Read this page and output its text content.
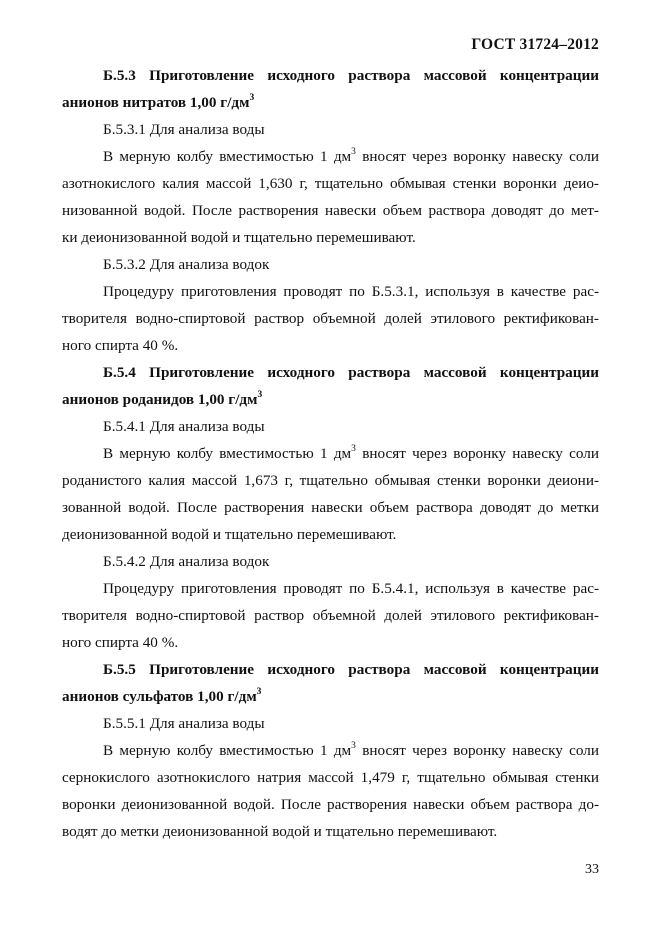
ГОСТ 31724–2012
Б.5.3 Приготовление исходного раствора массовой концентрации
анионов нитратов 1,00 $г/дм^3$
Б.5.3.1 Для анализа воды
В мерную колбу вместимостью 1 $дм^3$ вносят через воронку навеску соли
азотнокислого калия массой 1,630 г, тщательно обмывая стенки воронки деио-
низованной водой. После растворения навески объем раствора доводят до мет-
ки деионизованной водой и тщательно перемешивают.
Б.5.3.2 Для анализа водок
Процедуру приготовления проводят по Б.5.3.1, используя в качестве рас-
творителя водно-спиртовой раствор объемной долей этилового ректификован-
ного спирта 40 %.
Б.5.4 Приготовление исходного раствора массовой концентрации
анионов роданидов 1,00 $г/дм^3$
Б.5.4.1 Для анализа воды
В мерную колбу вместимостью 1 $дм^3$ вносят через воронку навеску соли
роданистого калия массой 1,673 г, тщательно обмывая стенки воронки деиони-
зованной водой. После растворения навески объем раствора доводят до метки
деионизованной водой и тщательно перемешивают.
Б.5.4.2 Для анализа водок
Процедуру приготовления проводят по Б.5.4.1, используя в качестве рас-
творителя водно-спиртовой раствор объемной долей этилового ректификован-
ного спирта 40 %.
Б.5.5 Приготовление исходного раствора массовой концентрации
анионов сульфатов 1,00 $г/дм^3$
Б.5.5.1 Для анализа воды
В мерную колбу вместимостью 1 $дм^3$ вносят через воронку навеску соли
сернокислого азотнокислого натрия массой 1,479 г, тщательно обмывая стенки
воронки деионизованной водой. После растворения навески объем раствора до-
водят до метки деионизованной водой и тщательно перемешивают.
33
